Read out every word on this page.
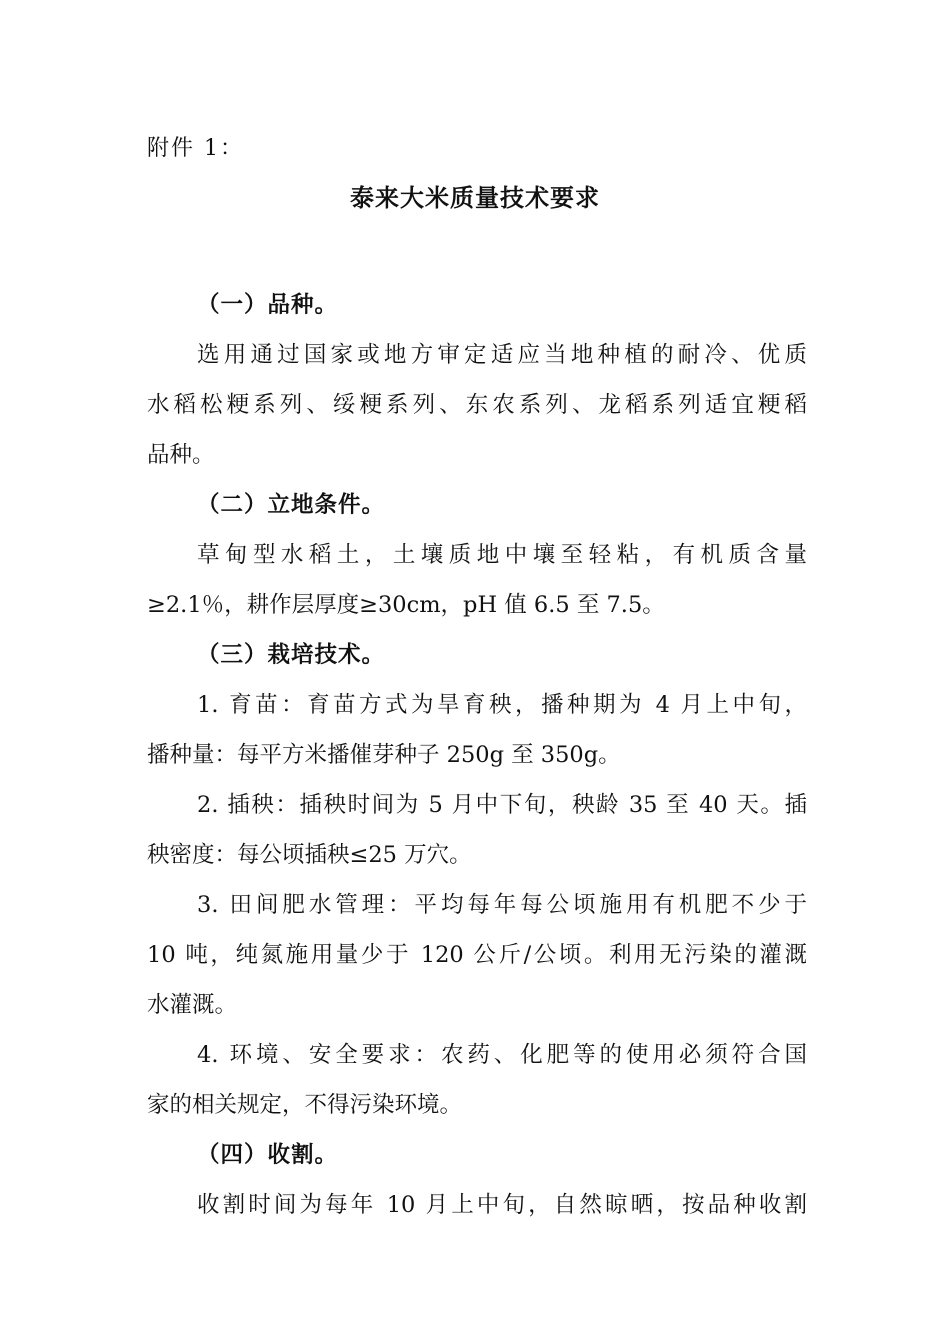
附件 1：
泰来大米质量技术要求
（一）品种。
选用通过国家或地方审定适应当地种植的耐冷、优质
水稻松粳系列、绥粳系列、东农系列、龙稻系列适宜粳稻
品种。
（二）立地条件。
草甸型水稻土，土壤质地中壤至轻粘，有机质含量
≥2.1％，耕作层厚度≥30cm，pH 值 6.5 至 7.5。
（三）栽培技术。
1. 育苗：育苗方式为旱育秧，播种期为 4 月上中旬，
播种量：每平方米播催芽种子 250g 至 350g。
2. 插秧：插秧时间为 5 月中下旬，秧龄 35 至 40 天。插
秧密度：每公顷插秧≤25 万穴。
3. 田间肥水管理：平均每年每公顷施用有机肥不少于
10 吨，纯氮施用量少于 120 公斤/公顷。利用无污染的灌溉
水灌溉。
4. 环境、安全要求：农药、化肥等的使用必须符合国
家的相关规定，不得污染环境。
（四）收割。
收割时间为每年 10 月上中旬，自然晾晒，按品种收割
